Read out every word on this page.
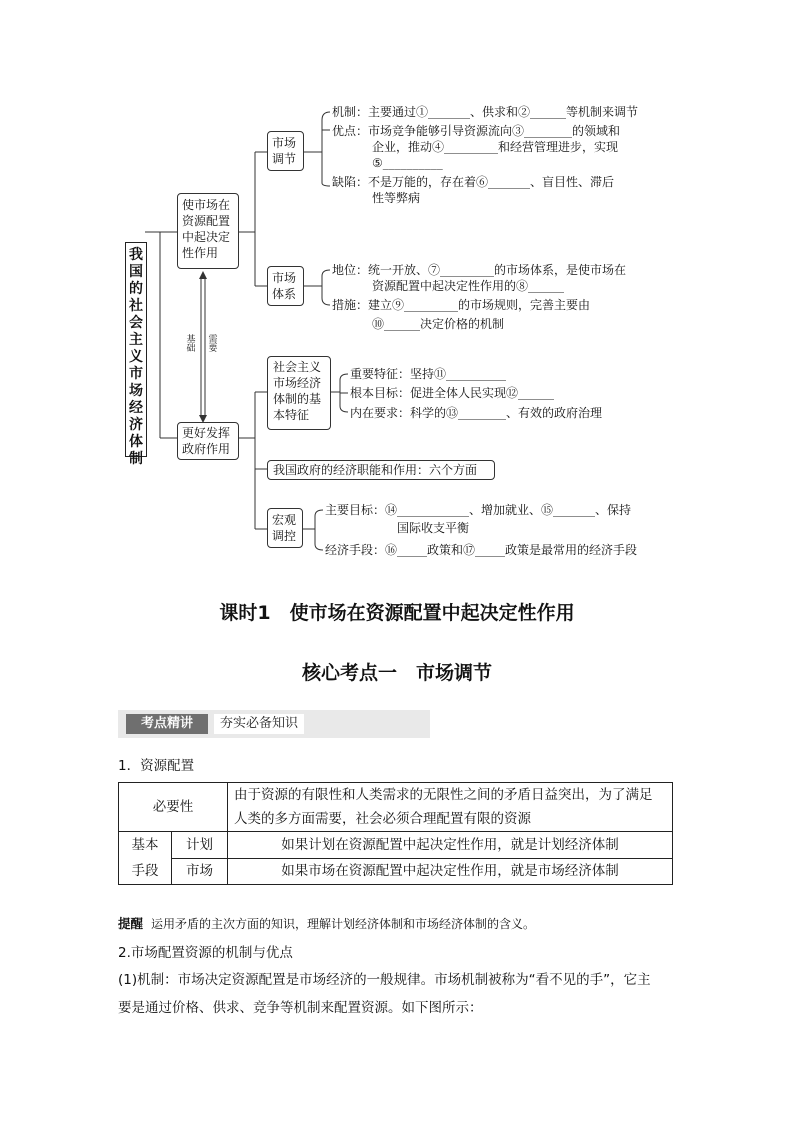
我
国
的
社
会
主
义
市
场
经
济
体
制
使市场在
资源配置
中起决定
性作用
更好发挥
政府作用
基
础
需
要
市场
调节
机制：主要通过①_______、供求和②______等机制来调节
优点：市场竞争能够引导资源流向③________的领域和
企业，推动④_________和经营管理进步，实现
⑤__________
缺陷：不是万能的，存在着⑥_______、盲目性、滞后
性等弊病
市场
体系
地位：统一开放、⑦_________的市场体系，是使市场在
资源配置中起决定性作用的⑧______
措施：建立⑨_________的市场规则，完善主要由
⑩______决定价格的机制
社会主义
市场经济
体制的基
本特征
重要特征：坚持⑪__________
根本目标：促进全体人民实现⑫______
内在要求：科学的⑬________、有效的政府治理
我国政府的经济职能和作用：六个方面
宏观
调控
主要目标：⑭____________、增加就业、⑮_______、保持
国际收支平衡
经济手段：⑯_____政策和⑰_____政策是最常用的经济手段
课时1　使市场在资源配置中起决定性作用
核心考点一　市场调节
考点精讲	夯实必备知识
1．资源配置
必要性		由于资源的有限性和人类需求的无限性之间的矛盾日益突出，为了满足
人类的多方面需要，社会必须合理配置有限的资源

基本
手段	计划	如果计划在资源配置中起决定性作用，就是计划经济体制
	市场	如果市场在资源配置中起决定性作用，就是市场经济体制
提醒 运用矛盾的主次方面的知识，理解计划经济体制和市场经济体制的含义。
2.市场配置资源的机制与优点
(1)机制：市场决定资源配置是市场经济的一般规律。市场机制被称为“看不见的手”，它主
要是通过价格、供求、竞争等机制来配置资源。如下图所示：
